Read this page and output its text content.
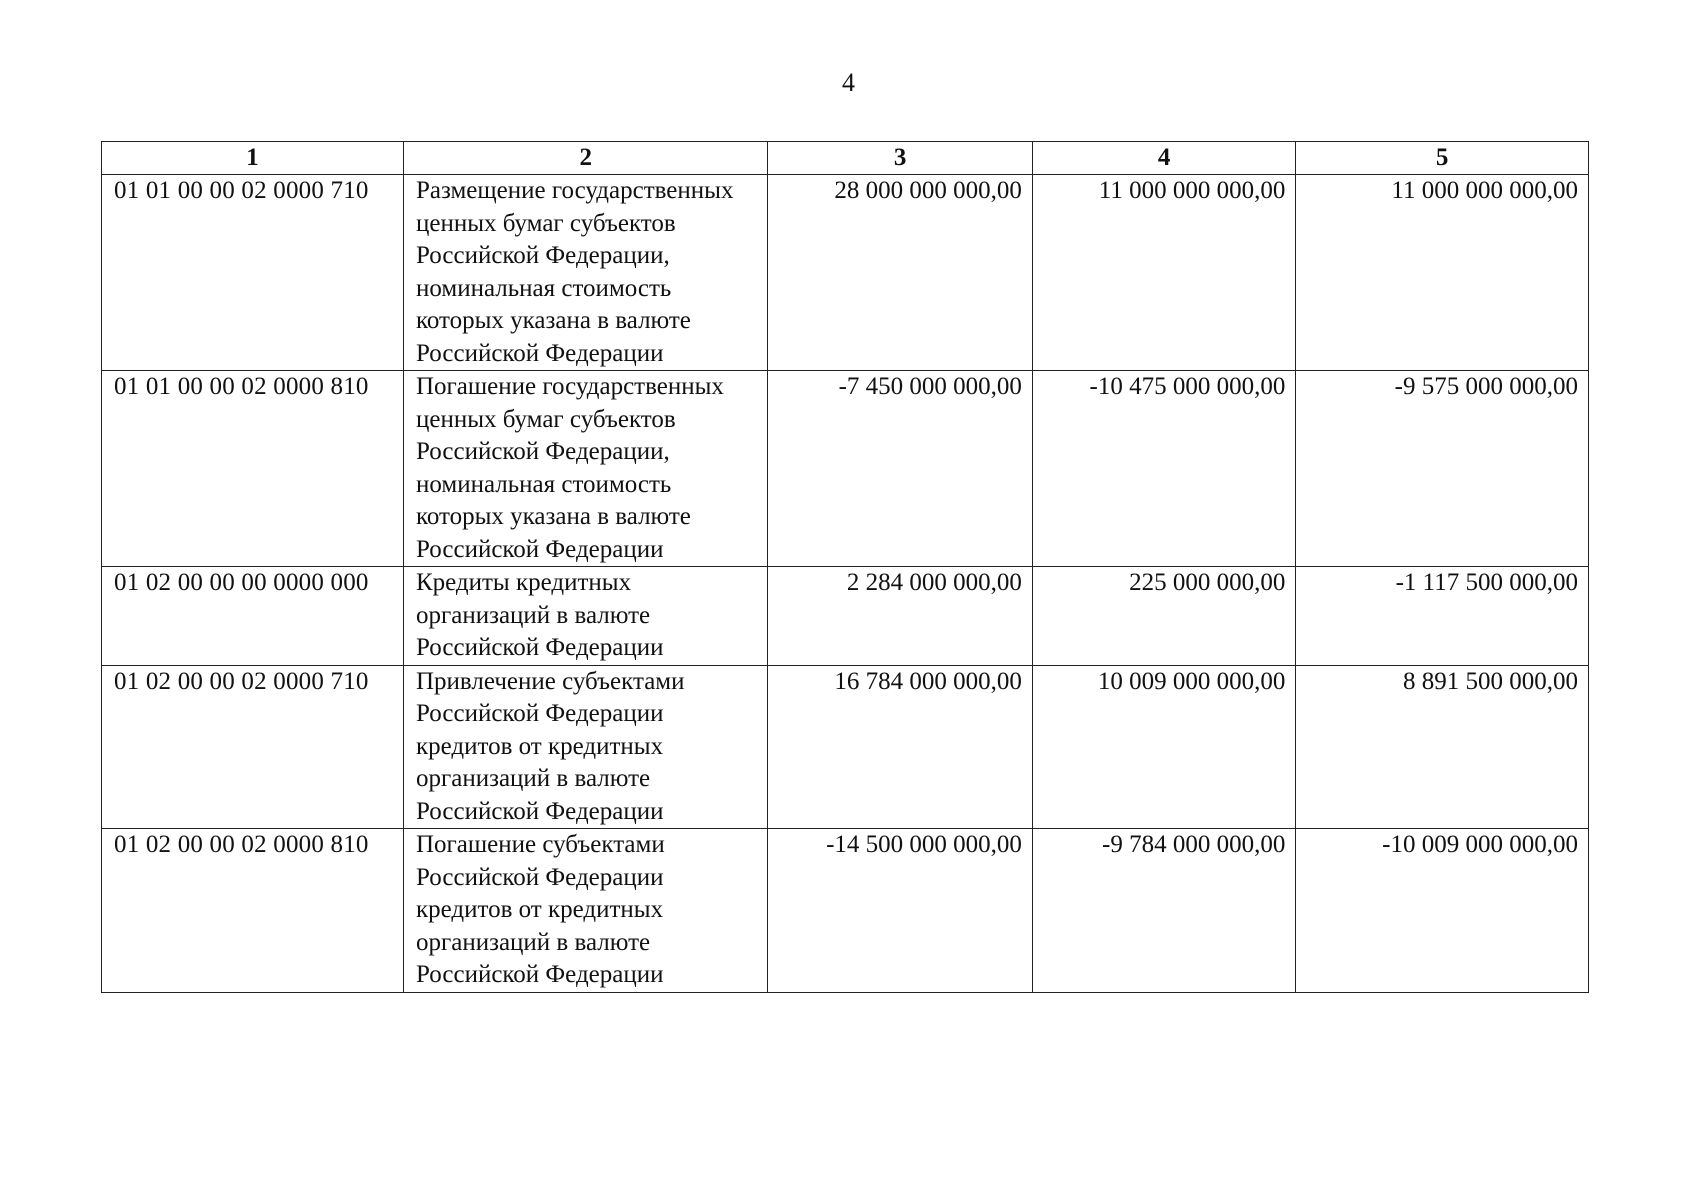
4
1	2	3	4	5
01 01 00 00 02 0000 710	Размещение государственных ценных бумаг субъектов Российской Федерации, номинальная стоимость которых указана в валюте Российской Федерации	28 000 000 000,00	11 000 000 000,00	11 000 000 000,00
01 01 00 00 02 0000 810	Погашение государственных ценных бумаг субъектов Российской Федерации, номинальная стоимость которых указана в валюте Российской Федерации	-7 450 000 000,00	-10 475 000 000,00	-9 575 000 000,00
01 02 00 00 00 0000 000	Кредиты кредитных организаций в валюте Российской Федерации	2 284 000 000,00	225 000 000,00	-1 117 500 000,00
01 02 00 00 02 0000 710	Привлечение субъектами Российской Федерации кредитов от кредитных организаций в валюте Российской Федерации	16 784 000 000,00	10 009 000 000,00	8 891 500 000,00
01 02 00 00 02 0000 810	Погашение субъектами Российской Федерации кредитов от кредитных организаций в валюте Российской Федерации	-14 500 000 000,00	-9 784 000 000,00	-10 009 000 000,00
